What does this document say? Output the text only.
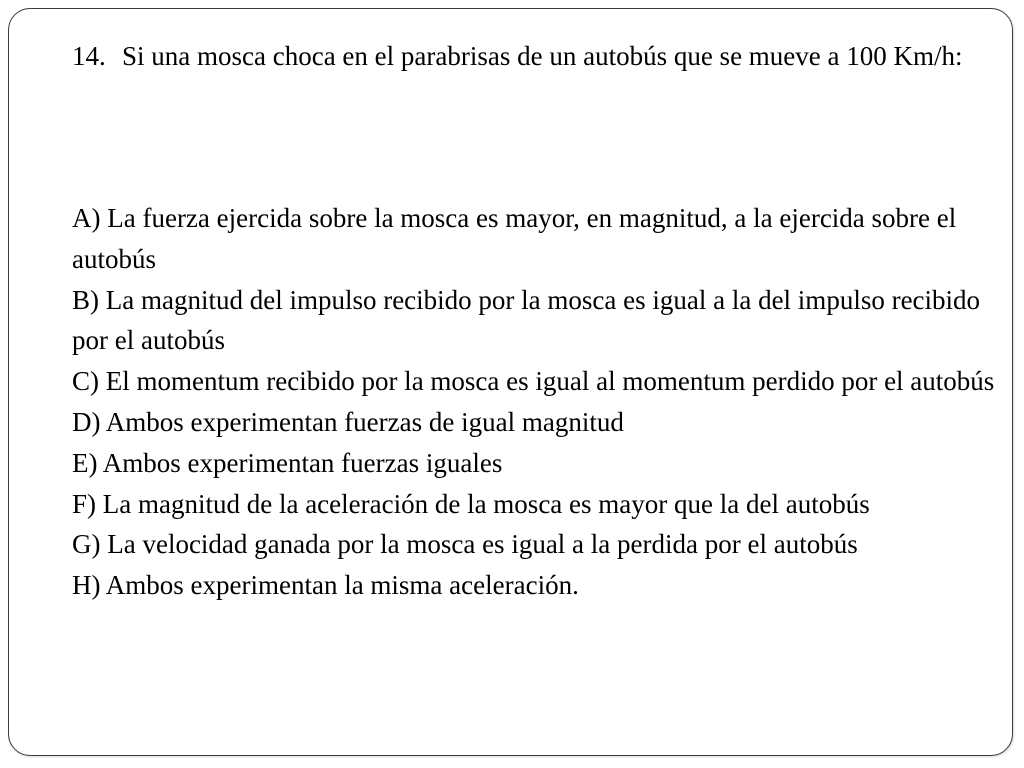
14. Si una mosca choca en el parabrisas de un autobús que se mueve a 100 Km/h:

A) La fuerza ejercida sobre la mosca es mayor, en magnitud, a la ejercida sobre el autobús

B) La magnitud del impulso recibido por la mosca es igual a la del impulso recibido por el autobús

C) El momentum recibido por la mosca es igual al momentum perdido por el autobús

D) Ambos experimentan fuerzas de igual magnitud

E) Ambos experimentan fuerzas iguales

F) La magnitud de la aceleración de la mosca es mayor que la del autobús

G) La velocidad ganada por la mosca es igual a la perdida por el autobús

H) Ambos experimentan la misma aceleración.
